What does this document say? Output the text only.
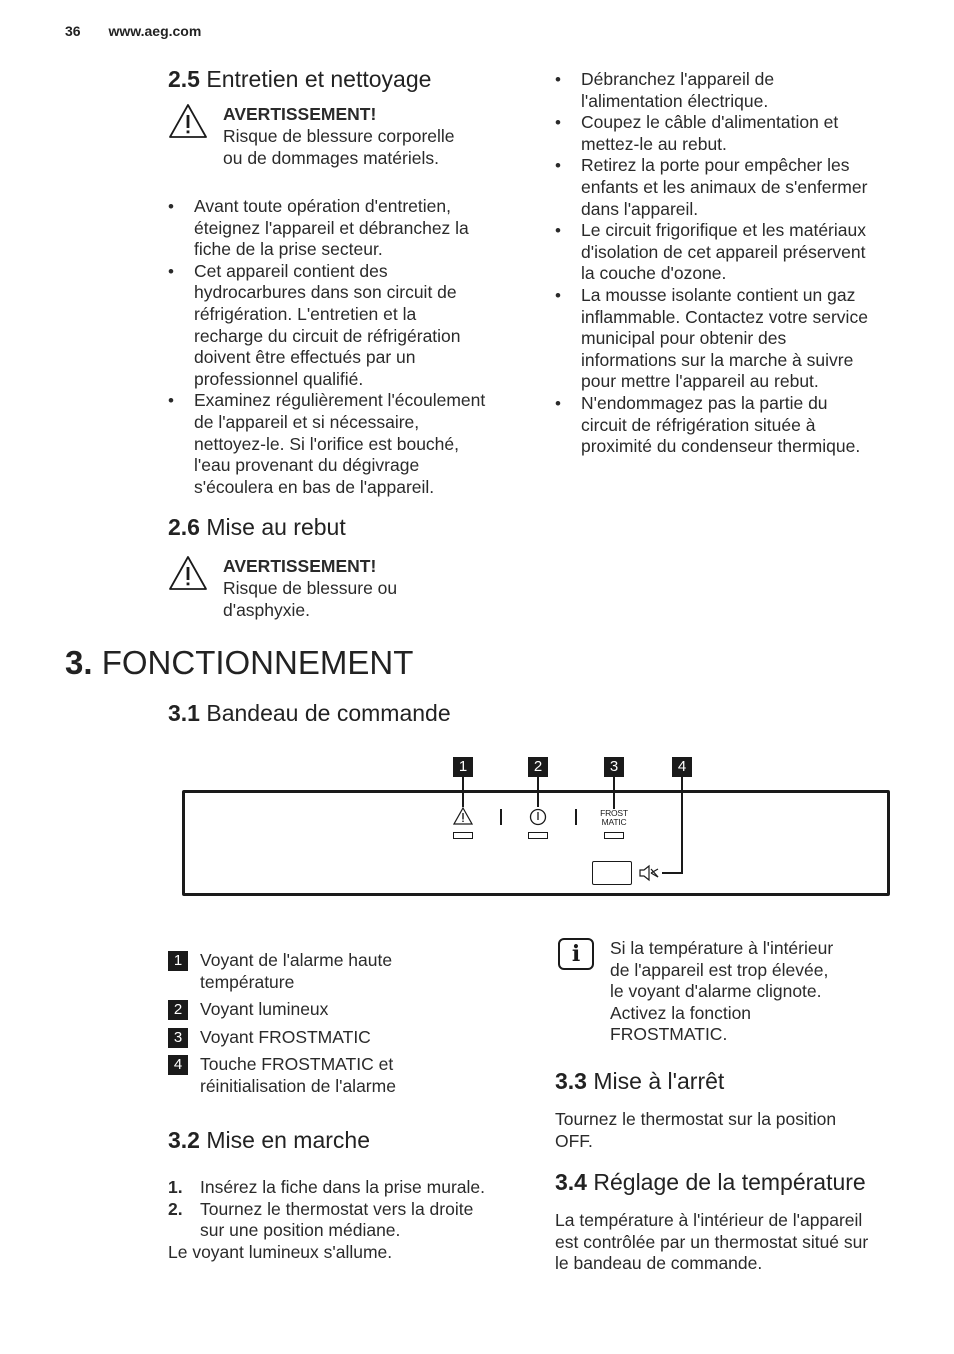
36 www.aeg.com
2.5 Entretien et nettoyage
AVERTISSEMENT!
Risque de blessure corporelle
ou de dommages matériels.
• Avant toute opération d'entretien,
éteignez l'appareil et débranchez la
fiche de la prise secteur.
• Cet appareil contient des
hydrocarbures dans son circuit de
réfrigération. L'entretien et la
recharge du circuit de réfrigération
doivent être effectués par un
professionnel qualifié.
• Examinez régulièrement l'écoulement
de l'appareil et si nécessaire,
nettoyez-le. Si l'orifice est bouché,
l'eau provenant du dégivrage
s'écoulera en bas de l'appareil.
2.6 Mise au rebut
AVERTISSEMENT!
Risque de blessure ou
d'asphyxie.
• Débranchez l'appareil de
l'alimentation électrique.
• Coupez le câble d'alimentation et
mettez-le au rebut.
• Retirez la porte pour empêcher les
enfants et les animaux de s'enfermer
dans l'appareil.
• Le circuit frigorifique et les matériaux
d'isolation de cet appareil préservent
la couche d'ozone.
• La mousse isolante contient un gaz
inflammable. Contactez votre service
municipal pour obtenir des
informations sur la marche à suivre
pour mettre l'appareil au rebut.
• N'endommagez pas la partie du
circuit de réfrigération située à
proximité du condenseur thermique.
3. FONCTIONNEMENT
3.1 Bandeau de commande
1	2	3	4
FROST
MATIC
1	Voyant de l'alarme haute
température
2	Voyant lumineux
3	Voyant FROSTMATIC
4	Touche FROSTMATIC et
réinitialisation de l'alarme
3.2 Mise en marche
1. Insérez la fiche dans la prise murale.
2. Tournez le thermostat vers la droite
sur une position médiane.
Le voyant lumineux s'allume.
i	Si la température à l'intérieur
de l'appareil est trop élevée,
le voyant d'alarme clignote.
Activez la fonction
FROSTMATIC.
3.3 Mise à l'arrêt
Tournez le thermostat sur la position
OFF.
3.4 Réglage de la température
La température à l'intérieur de l'appareil
est contrôlée par un thermostat situé sur
le bandeau de commande.
